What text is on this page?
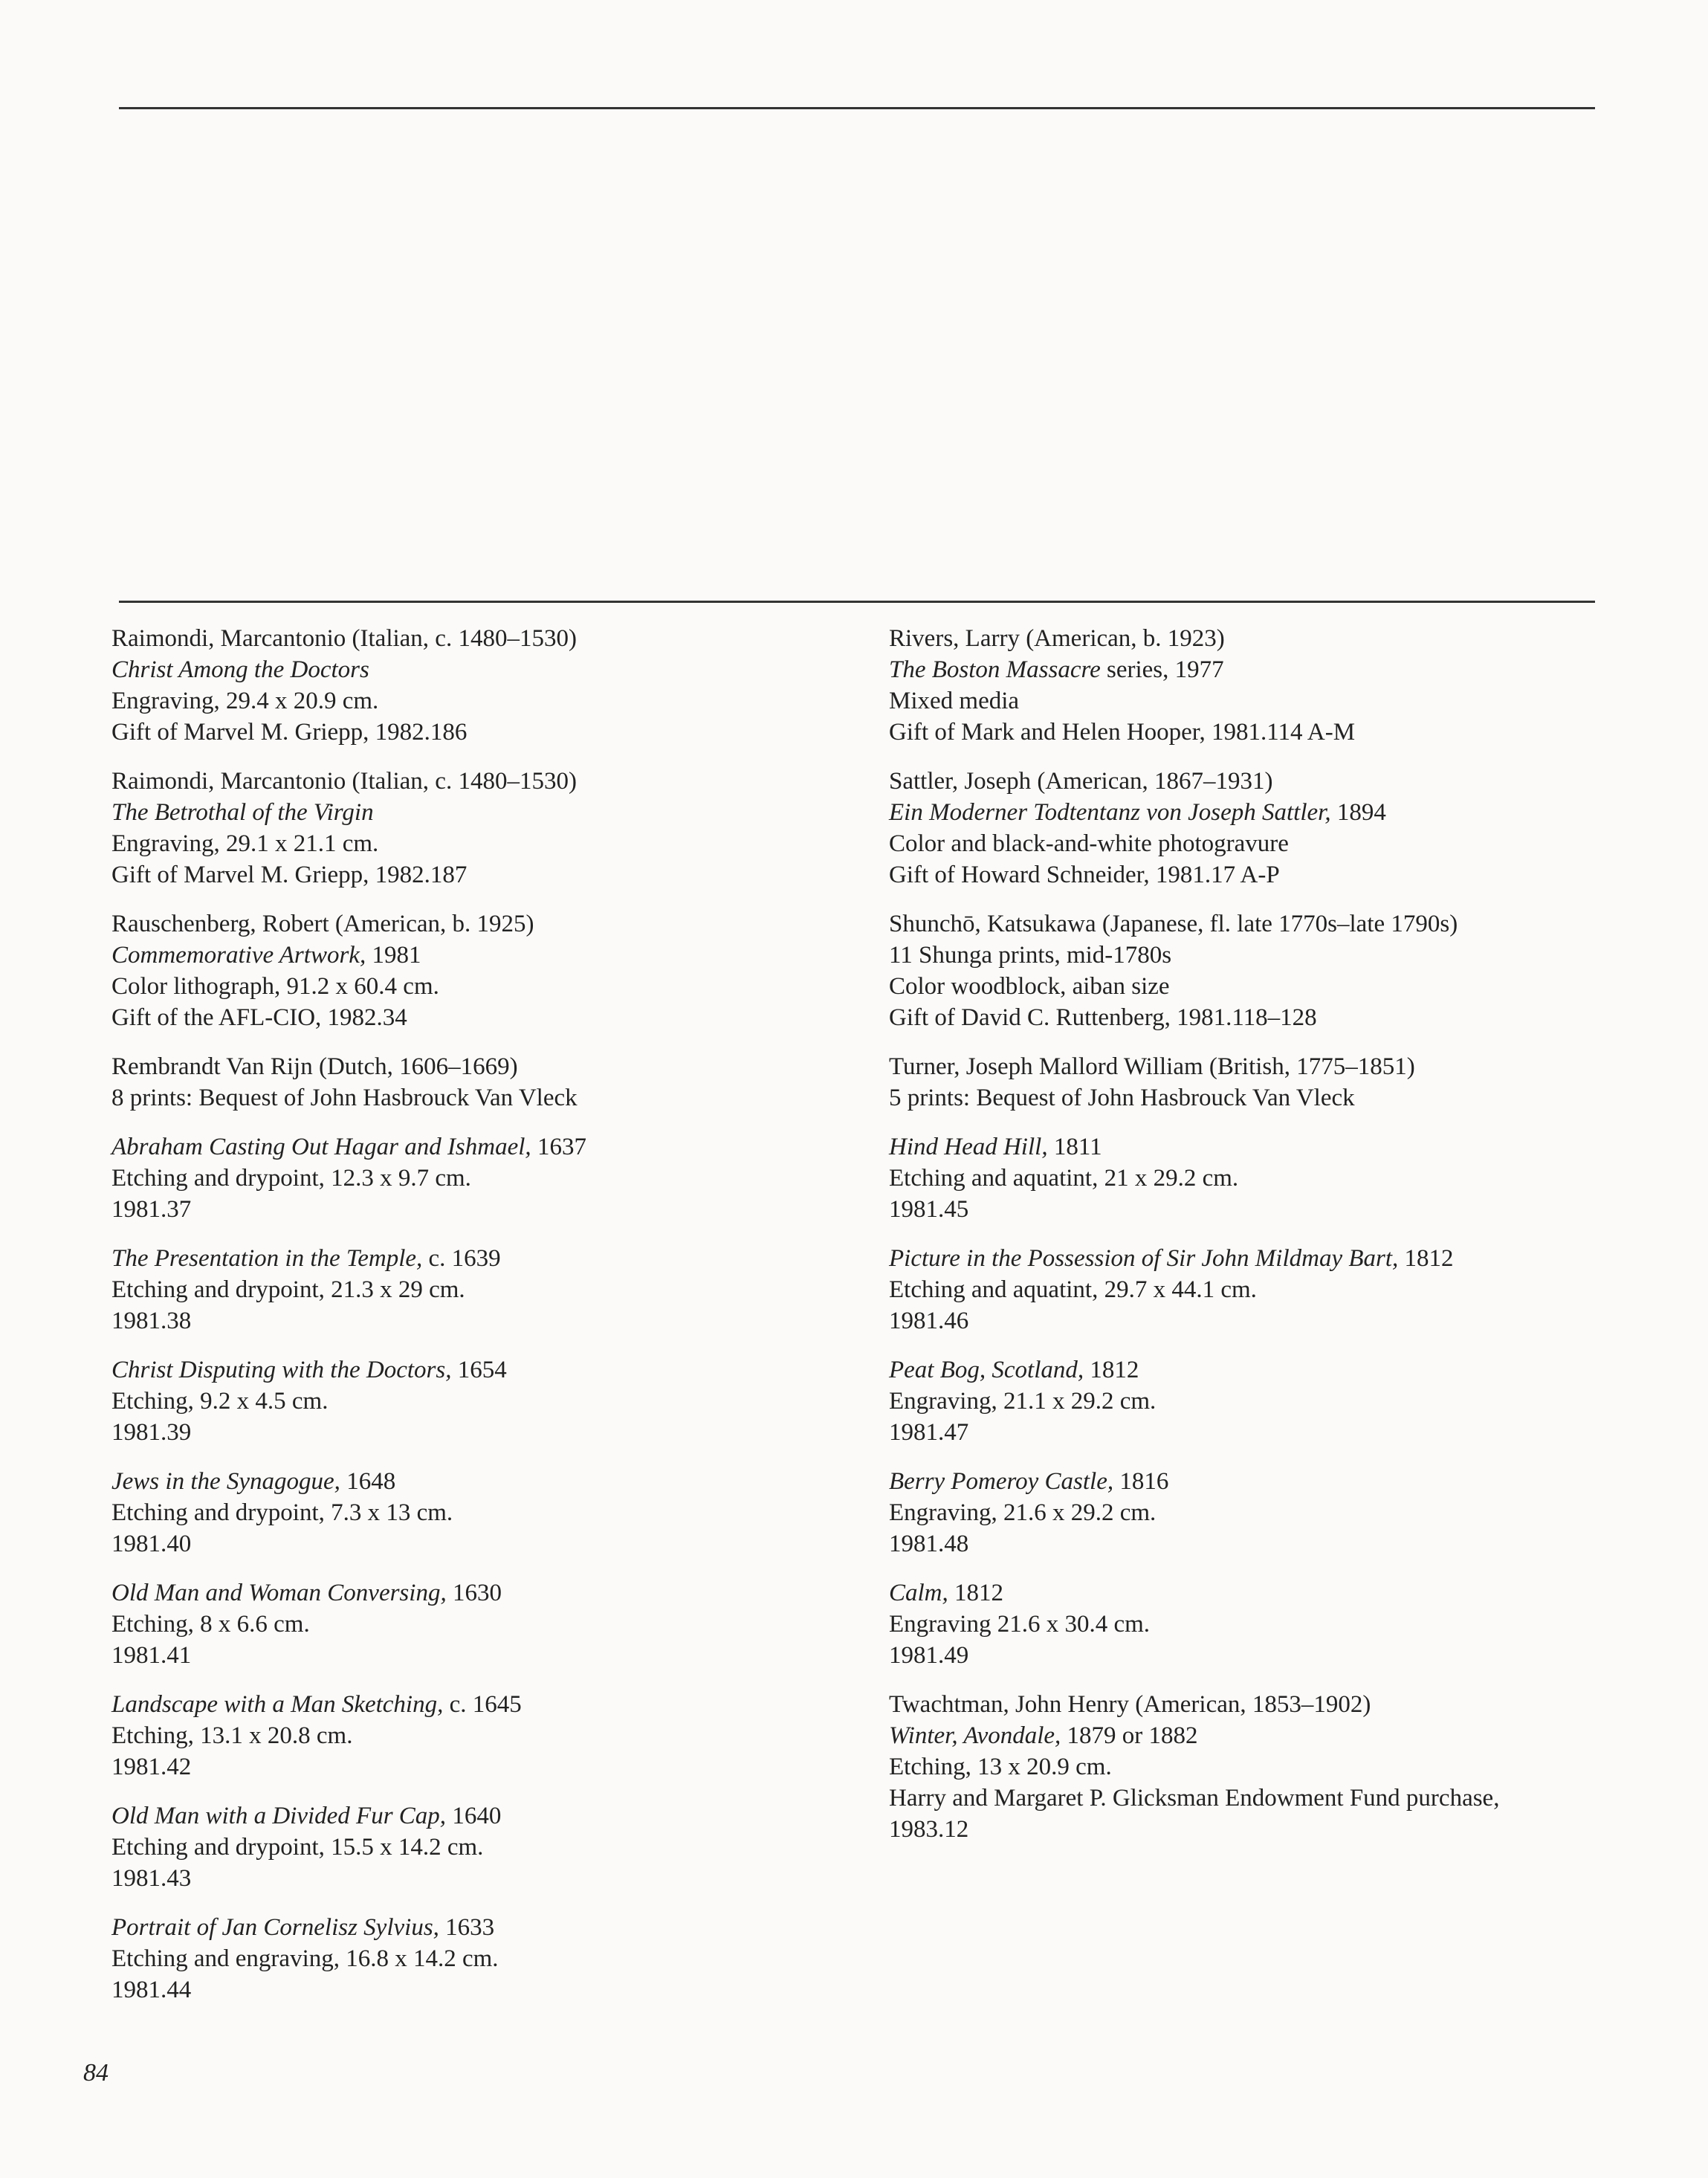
Raimondi, Marcantonio (Italian, c. 1480–1530)
Christ Among the Doctors
Engraving, 29.4 x 20.9 cm.
Gift of Marvel M. Griepp, 1982.186
Raimondi, Marcantonio (Italian, c. 1480–1530)
The Betrothal of the Virgin
Engraving, 29.1 x 21.1 cm.
Gift of Marvel M. Griepp, 1982.187
Rauschenberg, Robert (American, b. 1925)
Commemorative Artwork, 1981
Color lithograph, 91.2 x 60.4 cm.
Gift of the AFL-CIO, 1982.34
Rembrandt Van Rijn (Dutch, 1606–1669)
8 prints: Bequest of John Hasbrouck Van Vleck
Abraham Casting Out Hagar and Ishmael, 1637
Etching and drypoint, 12.3 x 9.7 cm.
1981.37
The Presentation in the Temple, c. 1639
Etching and drypoint, 21.3 x 29 cm.
1981.38
Christ Disputing with the Doctors, 1654
Etching, 9.2 x 4.5 cm.
1981.39
Jews in the Synagogue, 1648
Etching and drypoint, 7.3 x 13 cm.
1981.40
Old Man and Woman Conversing, 1630
Etching, 8 x 6.6 cm.
1981.41
Landscape with a Man Sketching, c. 1645
Etching, 13.1 x 20.8 cm.
1981.42
Old Man with a Divided Fur Cap, 1640
Etching and drypoint, 15.5 x 14.2 cm.
1981.43
Portrait of Jan Cornelisz Sylvius, 1633
Etching and engraving, 16.8 x 14.2 cm.
1981.44
Rivers, Larry (American, b. 1923)
The Boston Massacre series, 1977
Mixed media
Gift of Mark and Helen Hooper, 1981.114 A-M
Sattler, Joseph (American, 1867–1931)
Ein Moderner Todtentanz von Joseph Sattler, 1894
Color and black-and-white photogravure
Gift of Howard Schneider, 1981.17 A-P
Shunchō, Katsukawa (Japanese, fl. late 1770s–late 1790s)
11 Shunga prints, mid-1780s
Color woodblock, aiban size
Gift of David C. Ruttenberg, 1981.118–128
Turner, Joseph Mallord William (British, 1775–1851)
5 prints: Bequest of John Hasbrouck Van Vleck
Hind Head Hill, 1811
Etching and aquatint, 21 x 29.2 cm.
1981.45
Picture in the Possession of Sir John Mildmay Bart, 1812
Etching and aquatint, 29.7 x 44.1 cm.
1981.46
Peat Bog, Scotland, 1812
Engraving, 21.1 x 29.2 cm.
1981.47
Berry Pomeroy Castle, 1816
Engraving, 21.6 x 29.2 cm.
1981.48
Calm, 1812
Engraving 21.6 x 30.4 cm.
1981.49
Twachtman, John Henry (American, 1853–1902)
Winter, Avondale, 1879 or 1882
Etching, 13 x 20.9 cm.
Harry and Margaret P. Glicksman Endowment Fund purchase,
1983.12
84
